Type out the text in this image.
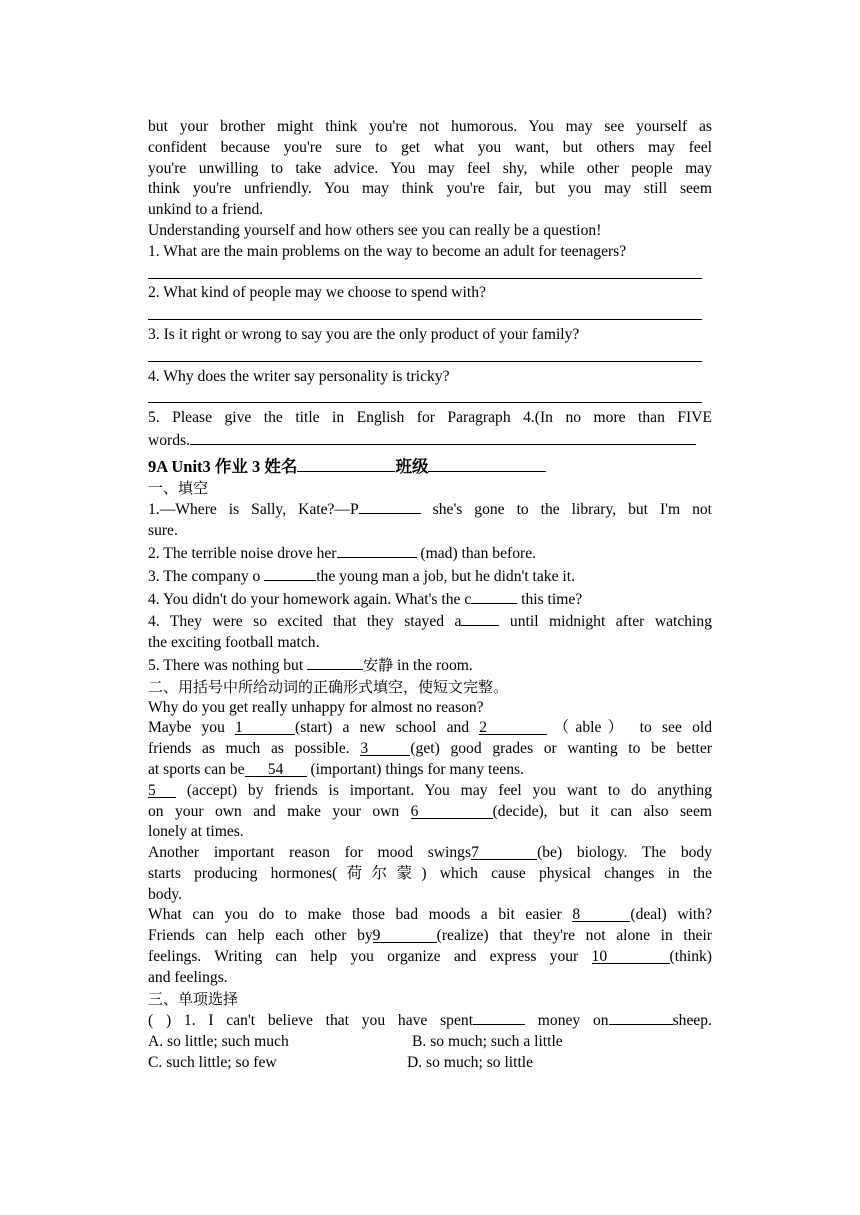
but your brother might think you're not humorous. You may see yourself as

confident because you're sure to get what you want, but others may feel

you're unwilling to take advice. You may feel shy, while other people may

think you're unfriendly. You may think you're fair, but you may still seem

unkind to a friend.

Understanding yourself and how others see you can really be a question!

1. What are the main problems on the way to become an adult for teenagers?

2. What kind of people may we choose to spend with?

3. Is it right or wrong to say you are the only product of your family?

4. Why does the writer say personality is tricky?

5. Please give the title in English for Paragraph 4.(In no more than FIVE

words.

9A Unit3 作业 3 姓名	班级

一、填空

1.—Where is Sally, Kate?—P	she's gone to the library, but I'm not

sure.

2. The terrible noise drove her	(mad) than before.

3. The company o	the young man a job, but he didn't take it.

4. You didn't do your homework again. What's the c	this time?

4. They were so excited that they stayed a until midnight after watching

the exciting football match.

5. There was nothing but	安静 in the room.

二、用括号中所给动词的正确形式填空，使短文完整。

Why do you get really unhappy for almost no reason?

Maybe you 1	(start) a new school and 2	（able） to see old

friends as much as possible. 3	(get) good grades or wanting to be better

at sports can be 54 (important) things for many teens.

5 (accept) by friends is important. You may feel you want to do anything

on your own and make your own 6	(decide), but it can also seem

lonely at times.

Another important reason for mood swings7	(be) biology. The body

starts producing hormones(荷尔蒙) which cause physical changes in the

body.

What can you do to make those bad moods a bit easier 8	(deal) with?

Friends can help each other by9	(realize) that they're not alone in their

feelings. Writing can help you organize and express your 10	(think)

and feelings.

三、单项选择

( ) 1. I can't believe that you have spent	money on	sheep.

A. so little; such much	B. so much; such a little

C. such little; so few	D. so much; so little
